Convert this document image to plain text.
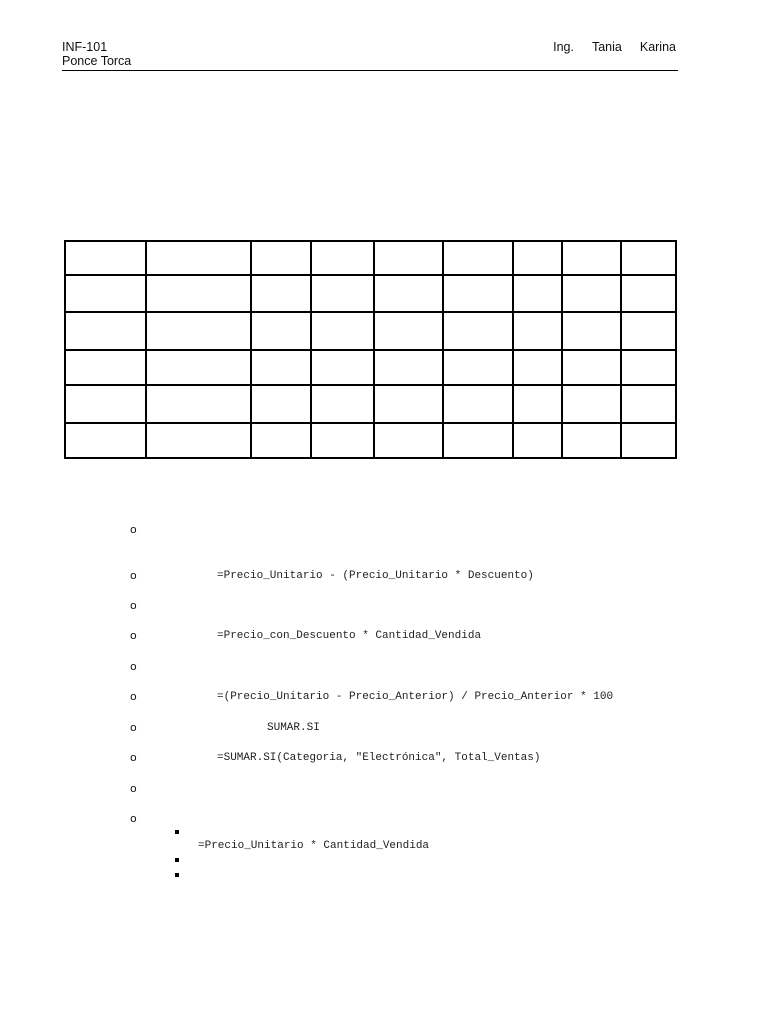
INF-101
Ponce Torca
Ing. Tania Karina

o
o	=Precio_Unitario - (Precio_Unitario * Descuento)
o
o	=Precio_con_Descuento * Cantidad_Vendida
o
o	=(Precio_Unitario - Precio_Anterior) / Precio_Anterior * 100
o	SUMAR.SI
o	=SUMAR.SI(Categoria, "Electrónica", Total_Ventas)
o
o
=Precio_Unitario * Cantidad_Vendida
